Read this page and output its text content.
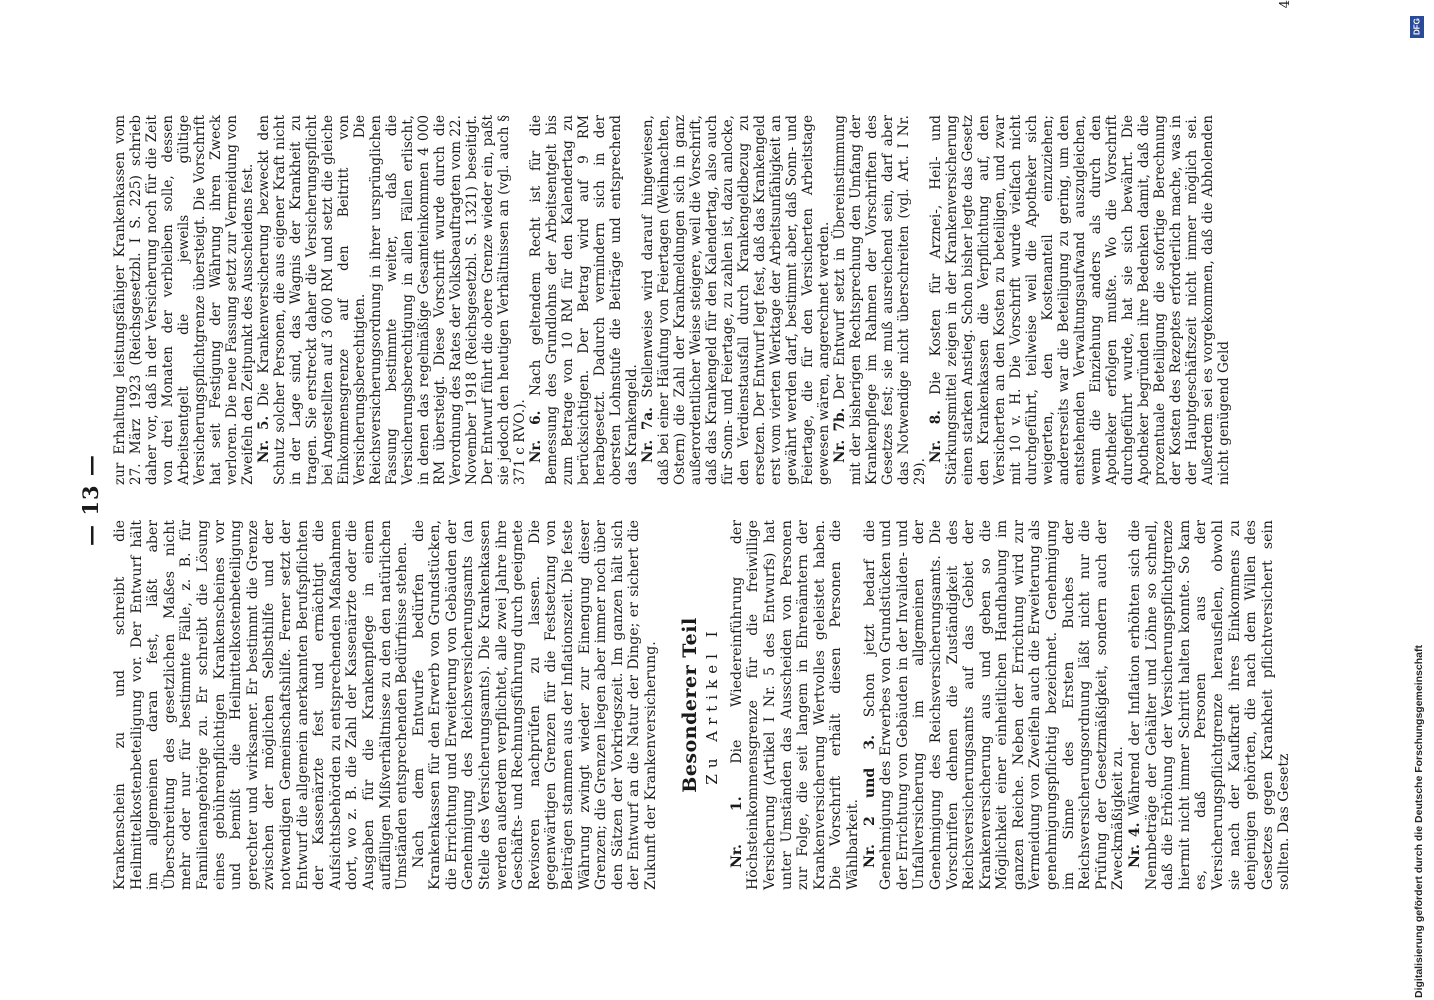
— 13 —

Krankenschein zu und schreibt die Heilmittelkostenbeteiligung vor. Der Entwurf hält im allgemeinen daran fest, läßt aber Überschreitung des gesetzlichen Maßes nicht mehr oder nur für bestimmte Fälle, z. B. für Familienangehörige zu. Er schreibt die Lösung eines gebührenpflichtigen Krankenscheines vor und bemißt die Heilmittelkostenbeteiligung gerechter und wirksamer. Er bestimmt die Grenze zwischen der möglichen Selbsthilfe und der notwendigen Gemeinschaftshilfe. Ferner setzt der Entwurf die allgemein anerkannten Berufspflichten der Kassenärzte fest und ermächtigt die Aufsichtsbehörden zu entsprechenden Maßnahmen dort, wo z. B. die Zahl der Kassenärzte oder die Ausgaben für die Krankenpflege in einem auffälligen Mißverhältnisse zu den den natürlichen Umständen entsprechenden Bedürfnisse stehen. Nach dem Entwurfe bedürfen die Krankenkassen für den Erwerb von Grundstücken, die Errichtung und Erweiterung von Gebäuden der Genehmigung des Reichsversicherungsamts (an Stelle des Versicherungsamts). Die Krankenkassen werden außerdem verpflichtet, alle zwei Jahre ihre Geschäfts- und Rechnungsführung durch geeignete Revisoren nachprüfen zu lassen. Die gegenwärtigen Grenzen für die Festsetzung von Beiträgen stammen aus der Inflationszeit. Die feste Währung zwingt wieder zur Einengung dieser Grenzen; die Grenzen liegen aber immer noch über den Sätzen der Vorkriegszeit. Im ganzen hält sich der Entwurf an die Natur der Dinge; er sichert die Zukunft der Krankenversicherung. Besonderer Teil Zu Artikel I

Nr. 1. Die Wiedereinführung der Höchsteinkommensgrenze für die freiwillige Versicherung (Artikel I Nr. 5 des Entwurfs) hat unter Umständen das Ausscheiden von Personen zur Folge, die seit langem in Ehrenämtern der Krankenversicherung Wertvolles geleistet haben. Die Vorschrift erhält diesen Personen die Wählbarkeit. Nr. 2 und 3. Schon jetzt bedarf die Genehmigung des Erwerbes von Grundstücken und der Errichtung von Gebäuden in der Invaliden- und Unfallversicherung im allgemeinen der Genehmigung des Reichsversicherungsamts. Die Vorschriften dehnen die Zuständigkeit des Reichsversicherungsamts auf das Gebiet der Krankenversicherung aus und geben so die Möglichkeit einer einheitlichen Handhabung im ganzen Reiche. Neben der Errichtung wird zur Vermeidung von Zweifeln auch die Erweiterung als genehmigungspflichtig bezeichnet. Genehmigung im Sinne des Ersten Buches der Reichsversicherungsordnung läßt nicht nur die Prüfung der Gesetzmäßigkeit, sondern auch der Zweckmäßigkeit zu. Nr. 4. Während der Inflation erhöhten sich die Nennbeträge der Gehälter und Löhne so schnell, daß die Erhöhung der Versicherungspflichtgrenze hiermit nicht immer Schritt halten konnte. So kam es, daß Personen aus der Versicherungspflichtgrenze herausfielen, obwohl sie nach der Kaufkraft ihres Einkommens zu denjenigen gehörten, die nach dem Willen des Gesetzes gegen Krankheit pflichtversichert sein sollten. Das Gesetz

zur Erhaltung leistungsfähiger Krankenkassen vom 27. März 1923 (Reichsgesetzbl. I S. 225) schrieb daher vor, daß in der Versicherung noch für die Zeit von drei Monaten der verbleiben solle, dessen Arbeitsentgelt die jeweils gültige Versicherungspflichtgrenze übersteigt. Die Vorschrift hat seit Festigung der Währung ihren Zweck verloren. Die neue Fassung setzt zur Vermeidung von Zweifeln den Zeitpunkt des Ausscheidens fest. Nr. 5. Die Krankenversicherung bezweckt den Schutz solcher Personen, die aus eigener Kraft nicht in der Lage sind, das Wagnis der Krankheit zu tragen. Sie erstreckt daher die Versicherungspflicht bei Angestellten auf 3 600 RM und setzt die gleiche Einkommensgrenze auf den Beitritt von Versicherungsberechtigten. Die Reichsversicherungsordnung in ihrer ursprünglichen Fassung bestimmte weiter, daß die Versicherungsberechtigung in allen Fällen erlischt, in denen das regelmäßige Gesamteinkommen 4 000 RM übersteigt. Diese Vorschrift wurde durch die Verordnung des Rates der Volksbeauftragten vom 22. November 1918 (Reichsgesetzbl. S. 1321) beseitigt. Der Entwurf führt die obere Grenze wieder ein, paßt sie jedoch den heutigen Verhältnissen an (vgl. auch § 371 c RVO.). Nr. 6. Nach geltendem Recht ist für die Bemessung des Grundlohns der Arbeitsentgelt bis zum Betrage von 10 RM für den Kalendertag zu berücksichtigen. Der Betrag wird auf 9 RM herabgesetzt. Dadurch vermindern sich in der obersten Lohnstufe die Beiträge und entsprechend das Krankengeld. Nr. 7a. Stellenweise wird darauf hingewiesen, daß bei einer Häufung von Feiertagen (Weihnachten, Ostern) die Zahl der Krankmeldungen sich in ganz außerordentlicher Weise steigere, weil die Vorschrift, daß das Krankengeld für den Kalendertag, also auch für Sonn- und Feiertage, zu zahlen ist, dazu anlocke, den Verdienstausfall durch Krankengeldbezug zu ersetzen. Der Entwurf legt fest, daß das Krankengeld erst vom vierten Werktage der Arbeitsunfähigkeit an gewährt werden darf, bestimmt aber, daß Sonn- und Feiertage, die für den Versicherten Arbeitstage gewesen wären, angerechnet werden. Nr. 7b. Der Entwurf setzt in Übereinstimmung mit der bisherigen Rechtsprechung den Umfang der Krankenpflege im Rahmen der Vorschriften des Gesetzes fest; sie muß ausreichend sein, darf aber das Notwendige nicht überschreiten (vgl. Art. I Nr. 29).

Nr. 8. Die Kosten für Arznei-, Heil- und Stärkungsmittel zeigen in der Krankenversicherung einen starken Anstieg. Schon bisher legte das Gesetz den Krankenkassen die Verpflichtung auf, den Versicherten an den Kosten zu beteiligen, und zwar mit 10 v. H. Die Vorschrift wurde vielfach nicht durchgeführt, teilweise weil die Apotheker sich weigerten, den Kostenanteil einzuziehen; andererseits war die Beteiligung zu gering, um den entstehenden Verwaltungsaufwand auszugleichen, wenn die Einziehung anders als durch den Apotheker erfolgen mußte. Wo die Vorschrift durchgeführt wurde, hat sie sich bewährt. Die Apotheker begründen ihre Bedenken damit, daß die prozentuale Beteiligung die sofortige Berechnung der Kosten des Rezeptes erforderlich mache, was in der Hauptgeschäftszeit nicht immer möglich sei. Außerdem sei es vorgekommen, daß die Abholenden nicht genügend Geld

4
Digitalisierung gefördert durch die Deutsche Forschungsgemeinschaft
DFG
